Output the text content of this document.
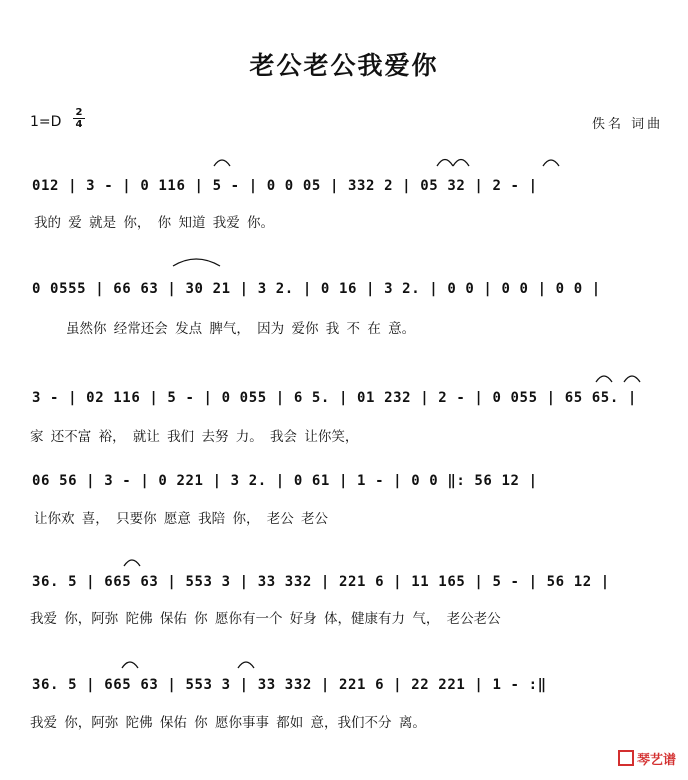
老公老公我爱你
1=D
2
4	佚名 词曲
012 | 3 - | 0 116 | 5 - | 0 0 05 | 332 2 | 05 32 | 2 - |
我的 爱 就是 你， 你 知道 我爱 你。
0 0555 | 66 63 | 30 21 | 3 2. | 0 16 | 3 2. | 0 0 | 0 0 | 0 0 |
虽然你 经常还会 发点 脾气， 因为 爱你 我 不 在 意。
3 - | 02 116 | 5 - | 0 055 | 6 5. | 01 232 | 2 - | 0 055 | 65 65. |
家 还不富 裕， 就让 我们 去努 力。 我会 让你笑，
06 56 | 3 - | 0 221 | 3 2. | 0 61 | 1 - | 0 0 ‖: 56 12 |
让你欢 喜， 只要你 愿意 我陪 你， 老公 老公
36. 5 | 665 63 | 553 3 | 33 332 | 221 6 | 11 165 | 5 - | 56 12 |
我爱 你，阿弥 陀佛 保佑 你 愿你有一个 好身 体，健康有力 气， 老公老公
36. 5 | 665 63 | 553 3 | 33 332 | 221 6 | 22 221 | 1 - :‖
我爱 你，阿弥 陀佛 保佑 你 愿你事事 都如 意，我们不分 离。
琴艺谱
